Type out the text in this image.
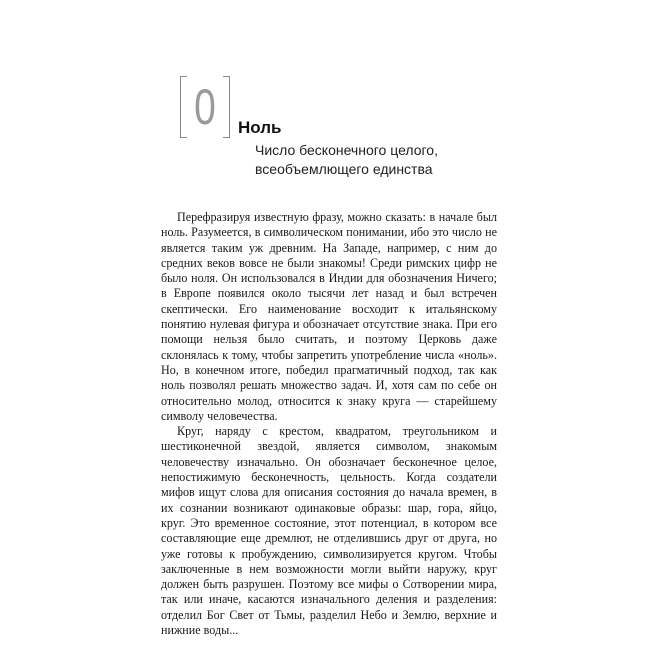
0	Ноль

Число бесконечного целого, всеобъемлющего единства

Перефразируя известную фразу, можно сказать: в начале был ноль. Разумеется, в символическом понимании, ибо это число не является таким уж древним. На Западе, например, с ним до средних веков вовсе не были знакомы! Среди римских цифр не было ноля. Он использовался в Индии для обозначения Ничего; в Европе появился около тысячи лет назад и был встречен скептически. Его наименование восходит к итальянскому понятию нулевая фигура и обозначает отсутствие знака. При его помощи нельзя было считать, и поэтому Церковь даже склонялась к тому, чтобы запретить употребление числа «ноль». Но, в конечном итоге, победил прагматичный подход, так как ноль позволял решать множество задач. И, хотя сам по себе он относительно молод, относится к знаку круга — старейшему символу человечества.

Круг, наряду с крестом, квадратом, треугольником и шестиконечной звездой, является символом, знакомым человечеству изначально. Он обозначает бесконечное целое, непостижимую бесконечность, цельность. Когда создатели мифов ищут слова для описания состояния до начала времен, в их сознании возникают одинаковые образы: шар, гора, яйцо, круг. Это временное состояние, этот потенциал, в котором все составляющие еще дремлют, не отделившись друг от друга, но уже готовы к пробуждению, символизируется кругом. Чтобы заключенные в нем возможности могли выйти наружу, круг должен быть разрушен. Поэтому все мифы о Сотворении мира, так или иначе, касаются изначального деления и разделения: отделил Бог Свет от Тьмы, разделил Небо и Землю, верхние и нижние воды...
